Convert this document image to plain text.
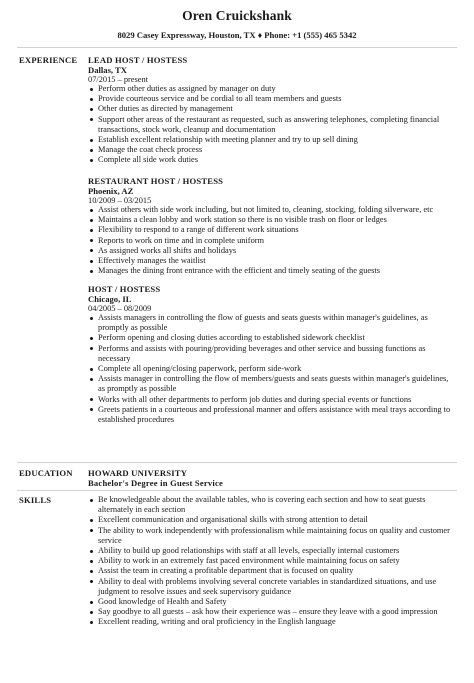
Oren Cruickshank
8029 Casey Expressway, Houston, TX ♦ Phone: +1 (555) 465 5342
EXPERIENCE LEAD HOST / HOSTESS
Dallas, TX
07/2015 – present
Perform other duties as assigned by manager on duty
Provide courteous service and be cordial to all team members and guests
Other duties as directed by management
Support other areas of the restaurant as requested, such as answering telephones, completing financial transactions, stock work, cleanup and documentation
Establish excellent relationship with meeting planner and try to up sell dining
Manage the coat check process
Complete all side work duties
RESTAURANT HOST / HOSTESS
Phoenix, AZ
10/2009 – 03/2015
Assist others with side work including, but not limited to, cleaning, stocking, folding silverware, etc
Maintains a clean lobby and work station so there is no visible trash on floor or ledges
Flexibility to respond to a range of different work situations
Reports to work on time and in complete uniform
As assigned works all shifts and holidays
Effectively manages the waitlist
Manages the dining front entrance with the efficient and timely seating of the guests
HOST / HOSTESS
Chicago, IL
04/2005 – 08/2009
Assists managers in controlling the flow of guests and seats guests within manager's guidelines, as promptly as possible
Perform opening and closing duties according to established sidework checklist
Performs and assists with pouring/providing beverages and other service and bussing functions as necessary
Complete all opening/closing paperwork, perform side-work
Assists manager in controlling the flow of members/guests and seats guests within manager's guidelines, as promptly as possible
Works with all other departments to perform job duties and during special events or functions
Greets patients in a courteous and professional manner and offers assistance with meal trays according to established procedures
EDUCATION HOWARD UNIVERSITY
Bachelor's Degree in Guest Service
SKILLS	Be knowledgeable about the available tables, who is covering each section and how to seat guests alternately in each section
Excellent communication and organisational skills with strong attention to detail
The ability to work independently with professionalism while maintaining focus on quality and customer service
Ability to build up good relationships with staff at all levels, especially internal customers
Ability to work in an extremely fast paced environment while maintaining focus on safety
Assist the team in creating a profitable department that is focused on quality
Ability to deal with problems involving several concrete variables in standardized situations, and use judgment to resolve issues and seek supervisory guidance
Good knowledge of Health and Safety
Say goodbye to all guests – ask how their experience was – ensure they leave with a good impression
Excellent reading, writing and oral proficiency in the English language
